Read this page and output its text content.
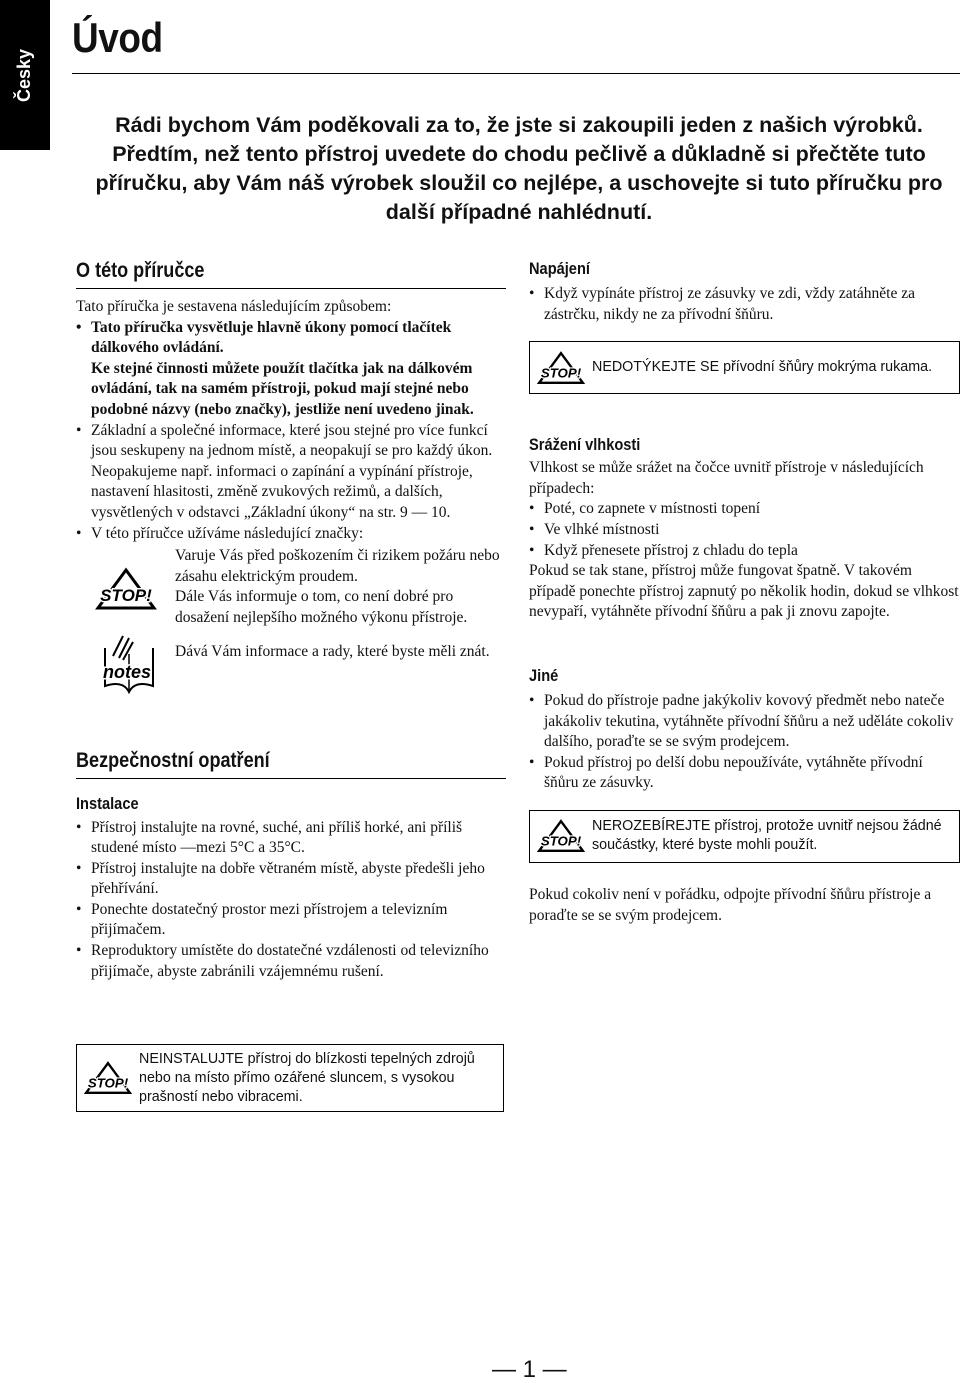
Česky
Úvod

Rádi bychom Vám poděkovali za to, že jste si zakoupili jeden z našich výrobků. Předtím, než tento přístroj uvedete do chodu pečlivě a důkladně si přečtěte tuto příručku, aby Vám náš výrobek sloužil co nejlépe, a uschovejte si tuto příručku pro další případné nahlédnutí.

O této příručce

Tato příručka je sestavena následujícím způsobem:

• Tato příručka vysvětluje hlavně úkony pomocí tlačítek dálkového ovládání.
Ke stejné činnosti můžete použít tlačítka jak na dálkovém ovládání, tak na samém přístroji, pokud mají stejné nebo podobné názvy (nebo značky), jestliže není uvedeno jinak.
• Základní a společné informace, které jsou stejné pro více funkcí jsou seskupeny na jednom místě, a neopakují se pro každý úkon. Neopakujeme např. informaci o zapínání a vypínání přístroje, nastavení hlasitosti, změně zvukových režimů, a dalších, vysvětlených v odstavci „Základní úkony“ na str. 9 — 10.
• V této příručce užíváme následující značky:
STOP!

Varuje Vás před poškozením či rizikem požáru nebo zásahu elektrickým proudem.

Dále Vás informuje o tom, co není dobré pro dosažení nejlepšího možného výkonu přístroje.

notes
Dává Vám informace a rady, které byste měli znát.
Bezpečnostní opatření
Instalace
• Přístroj instalujte na rovné, suché, ani příliš horké, ani příliš studené místo —mezi 5°C a 35°C.
• Přístroj instalujte na dobře větraném místě, abyste předešli jeho přehřívání.
• Ponechte dostatečný prostor mezi přístrojem a televizním přijímačem.
• Reproduktory umístěte do dostatečné vzdálenosti od televizního přijímače, abyste zabránili vzájemnému rušení.
STOP!
NEINSTALUJTE přístroj do blízkosti tepelných zdrojů nebo na místo přímo ozářené sluncem, s vysokou prašností nebo vibracemi.
Napájení
• Když vypínáte přístroj ze zásuvky ve zdi, vždy zatáhněte za zástrčku, nikdy ne za přívodní šňůru.
STOP! NEDOTÝKEJTE SE přívodní šňůry mokrýma rukama.
Srážení vlhkosti

Vlhkost se může srážet na čočce uvnitř přístroje v následujících případech:

• Poté, co zapnete v místnosti topení
• Ve vlhké místnosti
• Když přenesete přístroj z chladu do tepla

Pokud se tak stane, přístroj může fungovat špatně. V takovém případě ponechte přístroj zapnutý po několik hodin, dokud se vlhkost nevypaří, vytáhněte přívodní šňůru a pak ji znovu zapojte.

Jiné
• Pokud do přístroje padne jakýkoliv kovový předmět nebo nateče jakákoliv tekutina, vytáhněte přívodní šňůru a než uděláte cokoliv dalšího, poraďte se se svým prodejcem.
• Pokud přístroj po delší dobu nepoužíváte, vytáhněte přívodní šňůru ze zásuvky.
STOP!
NEROZEBÍREJTE přístroj, protože uvnitř nejsou žádné součástky, které byste mohli použít.

Pokud cokoliv není v pořádku, odpojte přívodní šňůru přístroje a poraďte se se svým prodejcem.

— 1 —
